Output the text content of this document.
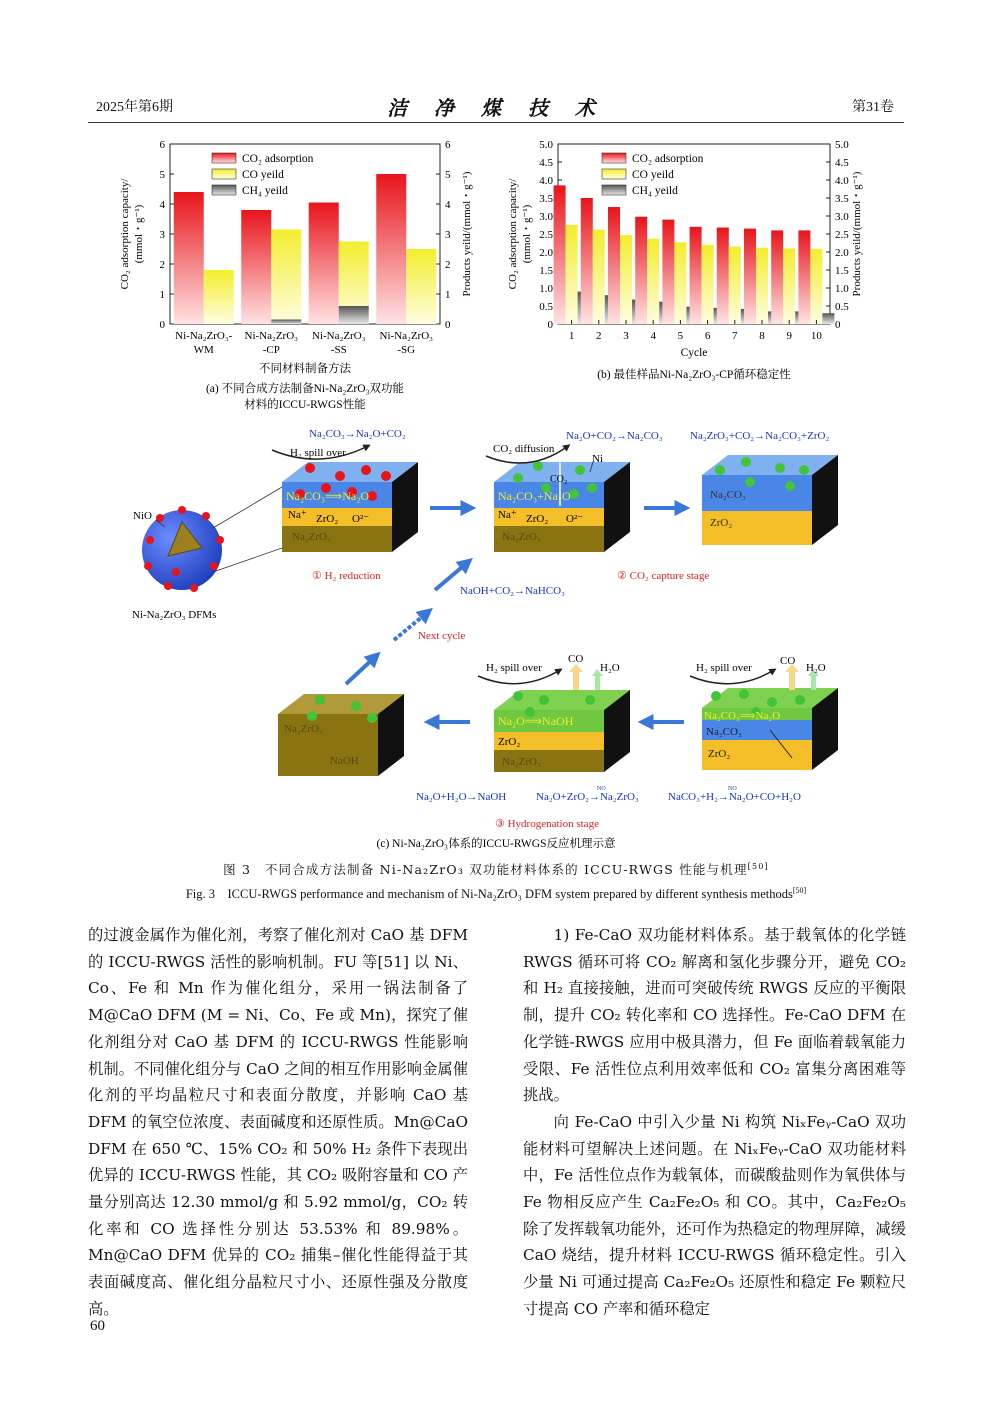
2025年第6期	洁 净 煤 技 术	第31卷
0	0
1	1
2	2
3	3
4	4
5	5
6	6
Ni-Na₂ZrO₃-
WM
Ni-Na₂ZrO₃
-CP
Ni-Na₂ZrO₃
-SS
Ni-Na₂ZrO₃
-SG
CO₂ adsorption
CO yeild
CH₄ yeild
CO₂ adsorption capacity/ (mmol・g⁻¹)	Products yeild/(mmol・g⁻¹)
不同材料制备方法
(a) 不同合成方法制备Ni-Na₂ZrO₃双功能
材料的ICCU-RWGS性能
0	0
0.5	0.5
1.0	1.0
1.5	1.5
2.0	2.0
2.5	2.5
3.0	3.0
3.5	3.5
4.0	4.0
4.5	4.5
5.0	5.0
1 2 3 4 5 6 7 8 9 10
CO₂ adsorption
CO yeild
CH₄ yeild
CO₂ adsorption capacity/ (mmol・g⁻¹)	Products yeild/(mmol・g⁻¹)
Cycle
(b) 最佳样品Ni-Na₂ZrO₃-CP循环稳定性
NiO
Ni-Na₂ZrO₃ DFMs
Na₂CO₃→Na₂O+CO₂
H₂ spill over
Na₂CO₃⟹Na₂O
Na⁺ ZrO₂ O²⁻
Na₂ZrO₃
① H₂ reduction
CO₂ diffusion
Ni
CO₂
Na₂CO₃+Na₂O
Na⁺ ZrO₂ O²⁻
Na₂ZrO₃
Na₂O+CO₂→Na₂CO₃ Na₂ZrO₃+CO₂→Na₂CO₃+ZrO₂
Na₂CO₃
ZrO₂
② CO₂ capture stage
NaOH+CO₂→NaHCO₃
Next cycle
Na₂ZrO₃
NaOH
H₂ spill over
CO
H₂O
Na₂O⟹NaOH
ZrO₂
Na₂ZrO₃
H₂ spill over
CO
H₂O
Na₂CO₃⟹Na₂O
Na₂CO₃
ZrO₂
Na₂O+H₂O→NaOH	Na₂O+ZrO₂→Na₂ZrO₃
NO
NaCO₃+H₂→Na₂O+CO+H₂O
NO
③ Hydrogenation stage
(c) Ni-Na₂ZrO₃体系的ICCU-RWGS反应机理示意
图 3　不同合成方法制备 Ni-Na₂ZrO₃ 双功能材料体系的 ICCU-RWGS 性能与机理[50]
Fig. 3　ICCU-RWGS performance and mechanism of Ni-Na₂ZrO₃ DFM system prepared by different synthesis methods[50]

的过渡金属作为催化剂，考察了催化剂对 CaO 基 DFM 的 ICCU-RWGS 活性的影响机制。FU 等[51] 以 Ni、Co、Fe 和 Mn 作为催化组分，采用一锅法制备了 M@CaO DFM (M = Ni、Co、Fe 或 Mn)，探究了催化剂组分对 CaO 基 DFM 的 ICCU-RWGS 性能影响机制。不同催化组分与 CaO 之间的相互作用影响金属催化剂的平均晶粒尺寸和表面分散度，并影响 CaO 基 DFM 的氧空位浓度、表面碱度和还原性质。Mn@CaO DFM 在 650 ℃、15% CO₂ 和 50% H₂ 条件下表现出优异的 ICCU-RWGS 性能，其 CO₂ 吸附容量和 CO 产量分别高达 12.30 mmol/g 和 5.92 mmol/g，CO₂ 转化率和 CO 选择性分别达 53.53% 和 89.98%。Mn@CaO DFM 优异的 CO₂ 捕集–催化性能得益于其表面碱度高、催化组分晶粒尺寸小、还原性强及分散度高。

1) Fe-CaO 双功能材料体系。基于载氧体的化学链 RWGS 循环可将 CO₂ 解离和氢化步骤分开，避免 CO₂ 和 H₂ 直接接触，进而可突破传统 RWGS 反应的平衡限制，提升 CO₂ 转化率和 CO 选择性。Fe-CaO DFM 在化学链-RWGS 应用中极具潜力，但 Fe 面临着载氧能力受限、Fe 活性位点利用效率低和 CO₂ 富集分离困难等挑战。

向 Fe-CaO 中引入少量 Ni 构筑 NiₓFeᵧ-CaO 双功能材料可望解决上述问题。在 NiₓFeᵧ-CaO 双功能材料中，Fe 活性位点作为载氧体，而碳酸盐则作为氧供体与 Fe 物相反应产生 Ca₂Fe₂O₅ 和 CO。其中，Ca₂Fe₂O₅ 除了发挥载氧功能外，还可作为热稳定的物理屏障，减缓 CaO 烧结，提升材料 ICCU-RWGS 循环稳定性。引入少量 Ni 可通过提高 Ca₂Fe₂O₅ 还原性和稳定 Fe 颗粒尺寸提高 CO 产率和循环稳定

60
